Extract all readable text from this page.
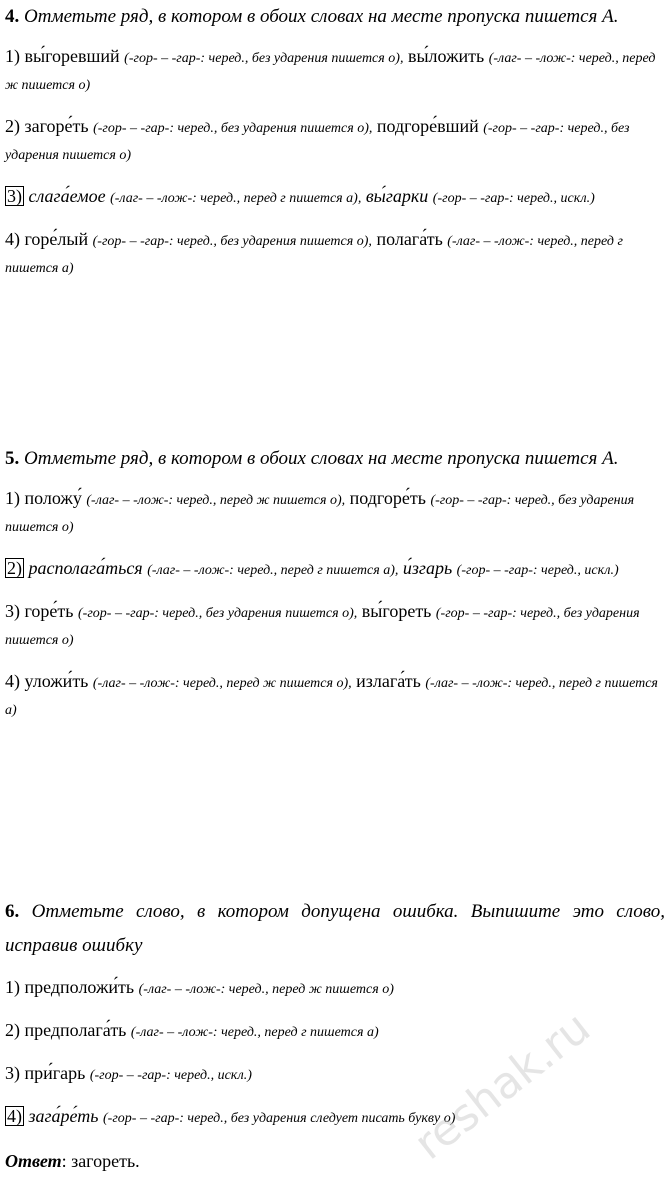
4. Отметьте ряд, в котором в обоих словах на месте пропуска пишется А.

1) вы́горевший (-гор- – -гар-: черед., без ударения пишется о), вы́ложить (-лаг- – -лож-: черед., перед ж пишется о)

2) загоре́ть (-гор- – -гар-: черед., без ударения пишется о), подгоре́вший (-гор- – -гар-: черед., без ударения пишется о)

3) слага́емое (-лаг- – -лож-: черед., перед г пишется а), вы́гарки (-гор- – -гар-: черед., искл.)

4) горе́лый (-гор- – -гар-: черед., без ударения пишется о), полага́ть (-лаг- – -лож-: черед., перед г пишется а)

5. Отметьте ряд, в котором в обоих словах на месте пропуска пишется А.

1) положу́ (-лаг- – -лож-: черед., перед ж пишется о), подгоре́ть (-гор- – -гар-: черед., без ударения пишется о)

2) располага́ться (-лаг- – -лож-: черед., перед г пишется а), и́згарь (-гор- – -гар-: черед., искл.)

3) горе́ть (-гор- – -гар-: черед., без ударения пишется о), вы́гореть (-гор- – -гар-: черед., без ударения пишется о)

4) уложи́ть (-лаг- – -лож-: черед., перед ж пишется о), излага́ть (-лаг- – -лож-: черед., перед г пишется а)

6. Отметьте слово, в котором допущена ошибка. Выпишите это слово, исправив ошибку

1) предположи́ть (-лаг- – -лож-: черед., перед ж пишется о)

2) предполага́ть (-лаг- – -лож-: черед., перед г пишется а)

3) при́гарь (-гор- – -гар-: черед., искл.)

4) зага́ре́ть (-гор- – -гар-: черед., без ударения следует писать букву о)

Ответ: загореть.	reshak.ru
